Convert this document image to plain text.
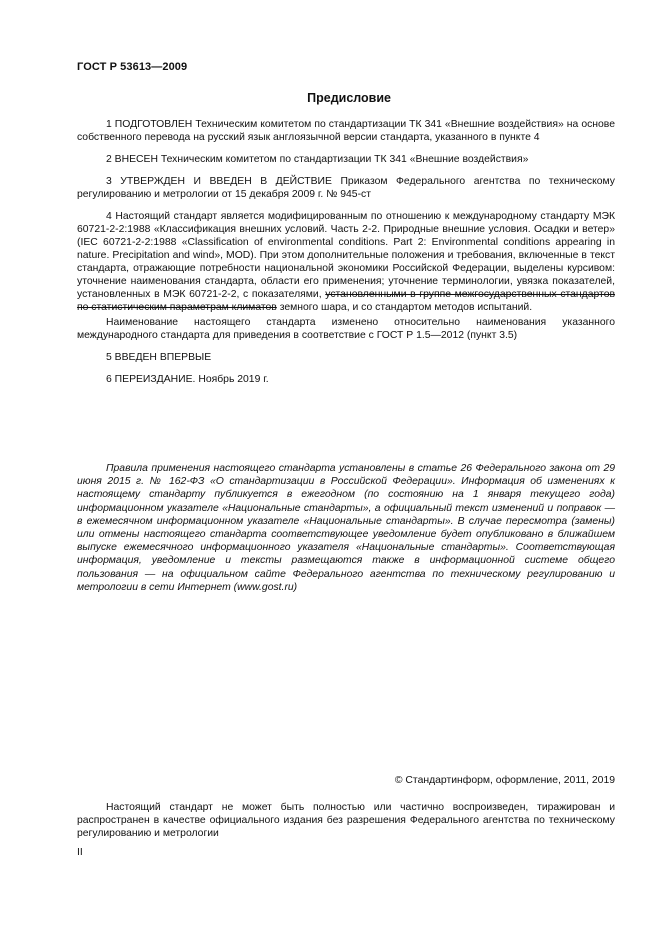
ГОСТ Р 53613—2009
Предисловие

1 ПОДГОТОВЛЕН Техническим комитетом по стандартизации ТК 341 «Внешние воздействия» на основе собственного перевода на русский язык англоязычной версии стандарта, указанного в пункте 4

2 ВНЕСЕН Техническим комитетом по стандартизации ТК 341 «Внешние воздействия»

3 УТВЕРЖДЕН И ВВЕДЕН В ДЕЙСТВИЕ Приказом Федерального агентства по техническому регулированию и метрологии от 15 декабря 2009 г. № 945-ст

4 Настоящий стандарт является модифицированным по отношению к международному стандарту МЭК 60721-2-2:1988 «Классификация внешних условий. Часть 2-2. Природные внешние условия. Осадки и ветер» (IEC 60721-2-2:1988 «Classification of environmental conditions. Part 2: Environmental conditions appearing in nature. Precipitation and wind», MOD). При этом дополнительные положения и требования, включенные в текст стандарта, отражающие потребности национальной экономики Российской Федерации, выделены курсивом: уточнение наименования стандарта, области его применения; уточнение терминологии, увязка показателей, установленных в МЭК 60721-2-2, с показателями, установленными в группе межгосударственных стандартов по статистическим параметрам климатов земного шара, и со стандартом методов испытаний.

Наименование настоящего стандарта изменено относительно наименования указанного международного стандарта для приведения в соответствие с ГОСТ Р 1.5—2012 (пункт 3.5)

5 ВВЕДЕН ВПЕРВЫЕ

6 ПЕРЕИЗДАНИЕ. Ноябрь 2019 г.

Правила применения настоящего стандарта установлены в статье 26 Федерального закона от 29 июня 2015 г. № 162-ФЗ «О стандартизации в Российской Федерации». Информация об изменениях к настоящему стандарту публикуется в ежегодном (по состоянию на 1 января текущего года) информационном указателе «Национальные стандарты», а официальный текст изменений и поправок — в ежемесячном информационном указателе «Национальные стандарты». В случае пересмотра (замены) или отмены настоящего стандарта соответствующее уведомление будет опубликовано в ближайшем выпуске ежемесячного информационного указателя «Национальные стандарты». Соответствующая информация, уведомление и тексты размещаются также в информационной системе общего пользования — на официальном сайте Федерального агентства по техническому регулированию и метрологии в сети Интернет (www.gost.ru)

© Стандартинформ, оформление, 2011, 2019

Настоящий стандарт не может быть полностью или частично воспроизведен, тиражирован и распространен в качестве официального издания без разрешения Федерального агентства по техническому регулированию и метрологии

II
